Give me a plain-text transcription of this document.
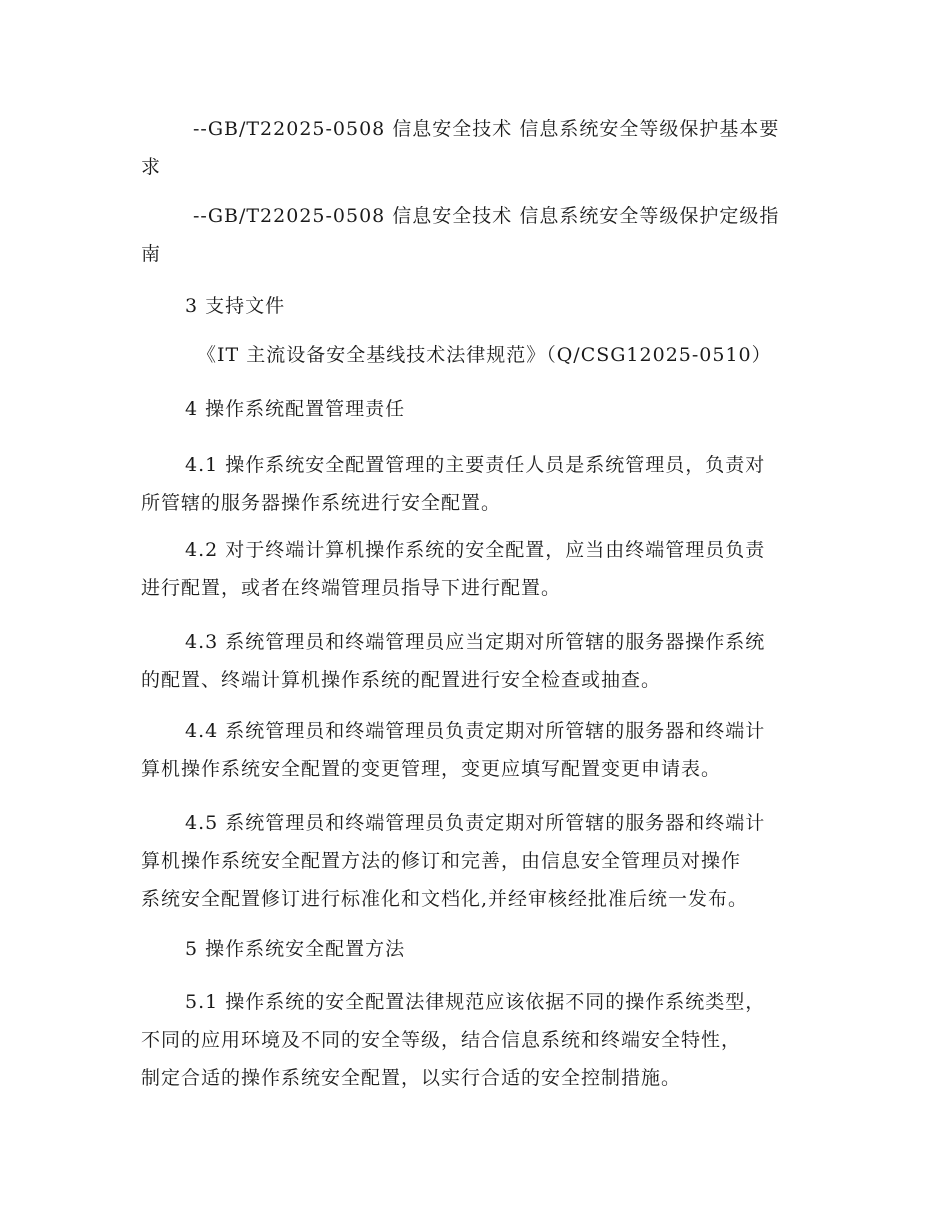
--GB/T22025-0508 信息安全技术 信息系统安全等级保护基本要
求

--GB/T22025-0508 信息安全技术 信息系统安全等级保护定级指
南

3 支持文件

《IT 主流设备安全基线技术法律规范》（Q/CSG12025-0510）

4 操作系统配置管理责任

4.1 操作系统安全配置管理的主要责任人员是系统管理员，负责对
所管辖的服务器操作系统进行安全配置。

4.2 对于终端计算机操作系统的安全配置，应当由终端管理员负责
进行配置，或者在终端管理员指导下进行配置。

4.3 系统管理员和终端管理员应当定期对所管辖的服务器操作系统
的配置、终端计算机操作系统的配置进行安全检查或抽查。

4.4 系统管理员和终端管理员负责定期对所管辖的服务器和终端计
算机操作系统安全配置的变更管理，变更应填写配置变更申请表。

4.5 系统管理员和终端管理员负责定期对所管辖的服务器和终端计
算机操作系统安全配置方法的修订和完善，由信息安全管理员对操作
系统安全配置修订进行标准化和文档化,并经审核经批准后统一发布。

5 操作系统安全配置方法

5.1 操作系统的安全配置法律规范应该依据不同的操作系统类型，
不同的应用环境及不同的安全等级，结合信息系统和终端安全特性，
制定合适的操作系统安全配置，以实行合适的安全控制措施。
